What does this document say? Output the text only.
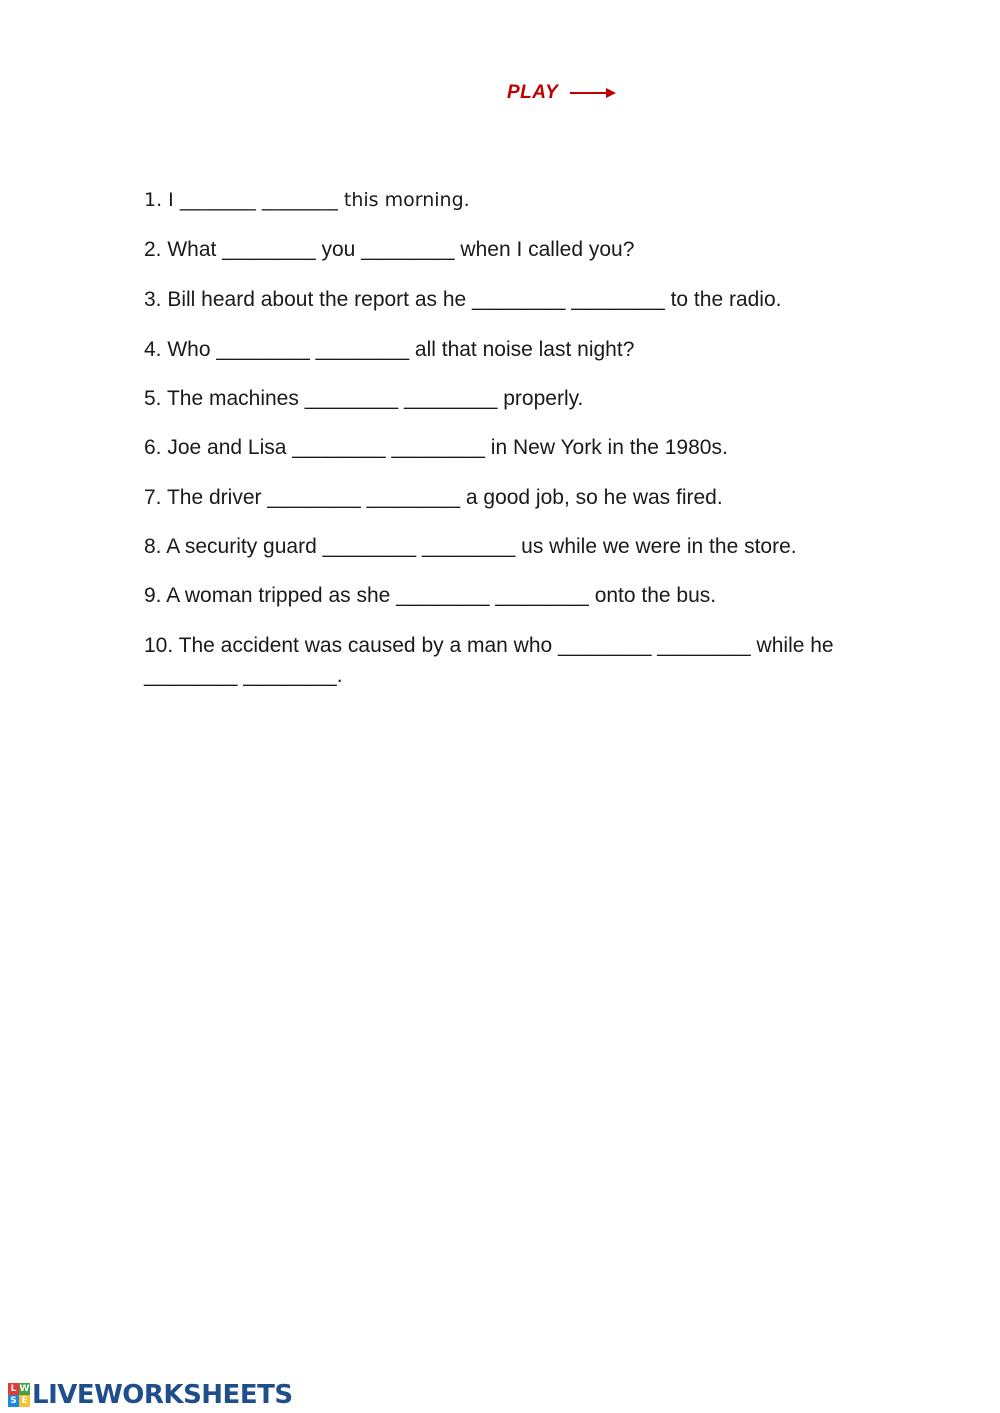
PLAY
1. I ________ ________ this morning.
2. What ________ you ________ when I called you?
3. Bill heard about the report as he ________ ________ to the radio.
4. Who ________ ________ all that noise last night?
5. The machines ________ ________ properly.
6. Joe and Lisa ________ ________ in New York in the 1980s.
7. The driver ________ ________ a good job, so he was fired.
8. A security guard ________ ________ us while we were in the store.
9. A woman tripped as she ________ ________ onto the bus.
10. The accident was caused by a man who ________ ________ while he ________ ________.
L W
S E LIVEWORKSHEETS
